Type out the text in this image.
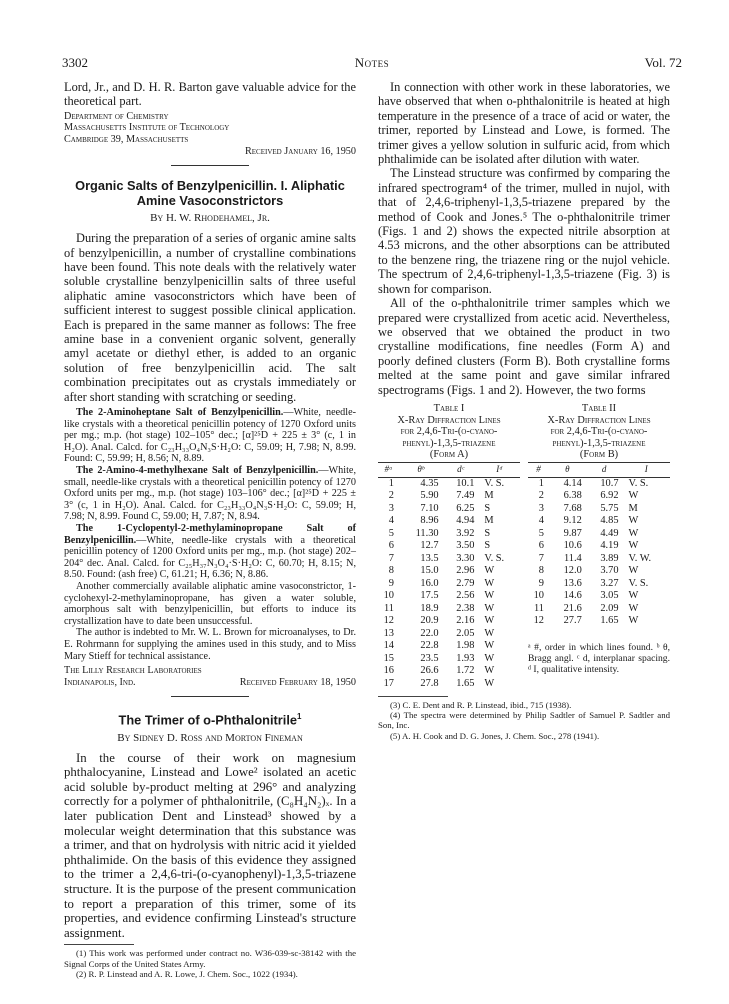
3302	Notes	Vol. 72

Lord, Jr., and D. H. R. Barton gave valuable advice for the theoretical part.

Department of Chemistry
Massachusetts Institute of Technology
Cambridge 39, Massachusetts
Received January 16, 1950
Organic Salts of Benzylpenicillin. I. Aliphatic
Amine Vasoconstrictors
By H. W. Rhodehamel, Jr.

During the preparation of a series of organic amine salts of benzylpenicillin, a number of crystalline combinations have been found. This note deals with the relatively water soluble crystalline benzylpenicillin salts of three useful aliphatic amine vasoconstrictors which have been of sufficient interest to suggest possible clinical application. Each is prepared in the same manner as follows: The free amine base in a convenient organic solvent, generally amyl acetate or diethyl ether, is added to an organic solution of free benzylpenicillin acid. The salt combination precipitates out as crystals immediately or after short standing with scratching or seeding.

The 2-Aminoheptane Salt of Benzylpenicillin.—White, needle-like crystals with a theoretical penicillin potency of 1270 Oxford units per mg.; m.p. (hot stage) 102–105° dec.; [α]²⁵D + 225 ± 3° (c, 1 in H₂O). Anal. Calcd. for C₂₃H₃₃O₄N₃S·H₂O: C, 59.09; H, 7.98; N, 8.99. Found: C, 59.99; H, 8.56; N, 8.89.

The 2-Amino-4-methylhexane Salt of Benzylpenicillin.—White, small, needle-like crystals with a theoretical penicillin potency of 1270 Oxford units per mg., m.p. (hot stage) 103–106° dec.; [α]²⁵D + 225 ± 3° (c, 1 in H₂O). Anal. Calcd. for C₂₃H₃₃O₄N₃S·H₂O: C, 59.09; H, 7.98; N, 8.99. Found C, 59.00; H, 7.87; N, 8.94.

The 1-Cyclopentyl-2-methylaminopropane Salt of Benzylpenicillin.—White, needle-like crystals with a theoretical penicillin potency of 1200 Oxford units per mg., m.p. (hot stage) 202–204° dec. Anal. Calcd. for C₂₅H₃₇N₃O₄·S·H₂O: C, 60.70; H, 8.15; N, 8.50. Found: (ash free) C, 61.21; H, 6.36; N, 8.86.

Another commercially available aliphatic amine vasoconstrictor, 1-cyclohexyl-2-methylaminopropane, has given a water soluble, amorphous salt with benzylpenicillin, but efforts to induce its crystallization have to date been unsuccessful.

The author is indebted to Mr. W. L. Brown for microanalyses, to Dr. E. Rohrmann for supplying the amines used in this study, and to Miss Mary Stieff for technical assistance.

The Lilly Research Laboratories
Indianapolis, Ind.	Received February 18, 1950
The Trimer of o-Phthalonitrile$^1$
By Sidney D. Ross and Morton Fineman

In the course of their work on magnesium phthalocyanine, Linstead and Lowe² isolated an acetic acid soluble by-product melting at 296° and analyzing correctly for a polymer of phthalonitrile, (C₈H₄N₂)ₓ. In a later publication Dent and Linstead³ showed by a molecular weight determination that this substance was a trimer, and that on hydrolysis with nitric acid it yielded phthalimide. On the basis of this evidence they assigned to the trimer a 2,4,6-tri-(o-cyanophenyl)-1,3,5-triazene structure. It is the purpose of the present communication to report a preparation of this trimer, some of its properties, and evidence confirming Linstead's structure assignment.

(1) This work was performed under contract no. W36-039-sc-38142 with the Signal Corps of the United States Army.

(2) R. P. Linstead and A. R. Lowe, J. Chem. Soc., 1022 (1934).

In connection with other work in these laboratories, we have observed that when o-phthalonitrile is heated at high temperature in the presence of a trace of acid or water, the trimer, reported by Linstead and Lowe, is formed. The trimer gives a yellow solution in sulfuric acid, from which phthalimide can be isolated after dilution with water.

The Linstead structure was confirmed by comparing the infrared spectrogram⁴ of the trimer, mulled in nujol, with that of 2,4,6-triphenyl-1,3,5-triazene prepared by the method of Cook and Jones.⁵ The o-phthalonitrile trimer (Figs. 1 and 2) shows the expected nitrile absorption at 4.53 microns, and the other absorptions can be attributed to the benzene ring, the triazene ring or the nujol vehicle. The spectrum of 2,4,6-triphenyl-1,3,5-triazene (Fig. 3) is shown for comparison.

All of the o-phthalonitrile trimer samples which we prepared were crystallized from acetic acid. Nevertheless, we observed that we obtained the product in two crystalline modifications, fine needles (Form A) and poorly defined clusters (Form B). Both crystalline forms melted at the same point and gave similar infrared spectrograms (Figs. 1 and 2). However, the two forms

Table I
X-Ray Diffraction Lines
for 2,4,6-Tri-(o-cyano-
phenyl)-1,3,5-triazene
(Form A)
#ᵃ	θᵇ	dᶜ	Iᵈ
1	4.35	10.1	V. S.
2	5.90	7.49	M
3	7.10	6.25	S
4	8.96	4.94	M
5	11.30	3.92	S
6	12.7	3.50	S
7	13.5	3.30	V. S.
8	15.0	2.96	W
9	16.0	2.79	W
10	17.5	2.56	W
11	18.9	2.38	W
12	20.9	2.16	W
13	22.0	2.05	W
14	22.8	1.98	W
15	23.5	1.93	W
16	26.6	1.72	W
17	27.8	1.65	W
Table II
X-Ray Diffraction Lines
for 2,4,6-Tri-(o-cyano-
phenyl)-1,3,5-triazene
(Form B)
#	θ	d	I
1	4.14	10.7	V. S.
2	6.38	6.92	W
3	7.68	5.75	M
4	9.12	4.85	W
5	9.87	4.49	W
6	10.6	4.19	W
7	11.4	3.89	V. W.
8	12.0	3.70	W
9	13.6	3.27	V. S.
10	14.6	3.05	W
11	21.6	2.09	W
12	27.7	1.65	W

ᵃ #, order in which lines found. ᵇ θ, Bragg angl. ᶜ d, interplanar spacing. ᵈ I, qualitative intensity.

(3) C. E. Dent and R. P. Linstead, ibid., 715 (1938).

(4) The spectra were determined by Philip Sadtler of Samuel P. Sadtler and Son, Inc.

(5) A. H. Cook and D. G. Jones, J. Chem. Soc., 278 (1941).
